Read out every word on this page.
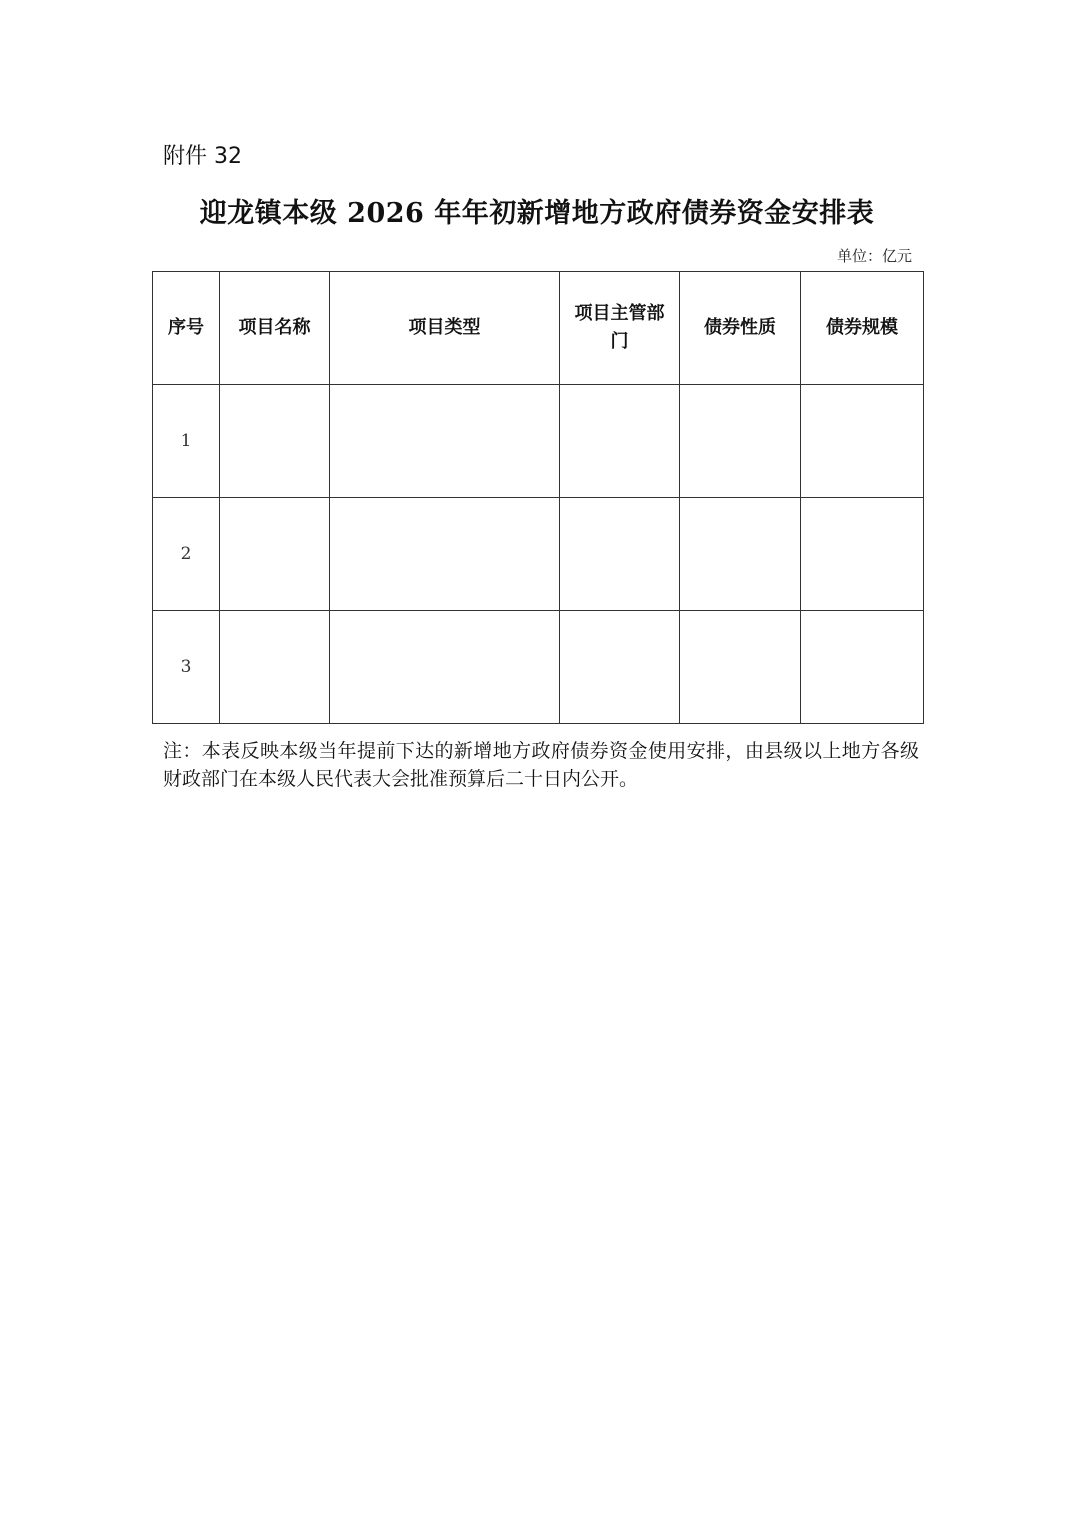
附件 32
迎龙镇本级 2026 年年初新增地方政府债券资金安排表
单位：亿元
序号	项目名称	项目类型	项目主管部门	债券性质	债券规模
1					
2					
3					
注：本表反映本级当年提前下达的新增地方政府债券资金使用安排，由县级以上地方各级财政部门在本级人民代表大会批准预算后二十日内公开。
